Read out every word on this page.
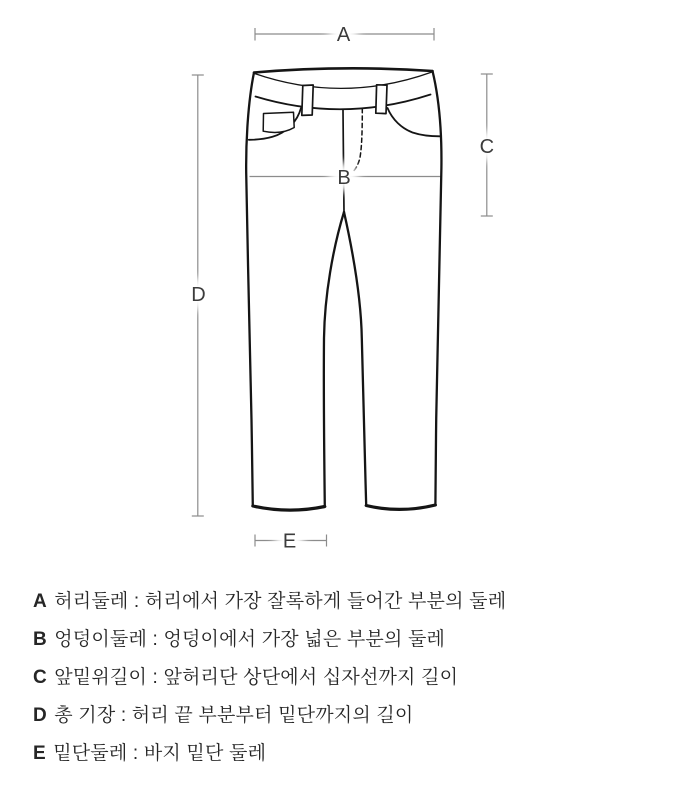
A
B
C
D
E
A 허리둘레 : 허리에서 가장 잘록하게 들어간 부분의 둘레
B 엉덩이둘레 : 엉덩이에서 가장 넓은 부분의 둘레
C 앞밑위길이 : 앞허리단 상단에서 십자선까지 길이
D 총 기장 : 허리 끝 부분부터 밑단까지의 길이
E 밑단둘레 : 바지 밑단 둘레
